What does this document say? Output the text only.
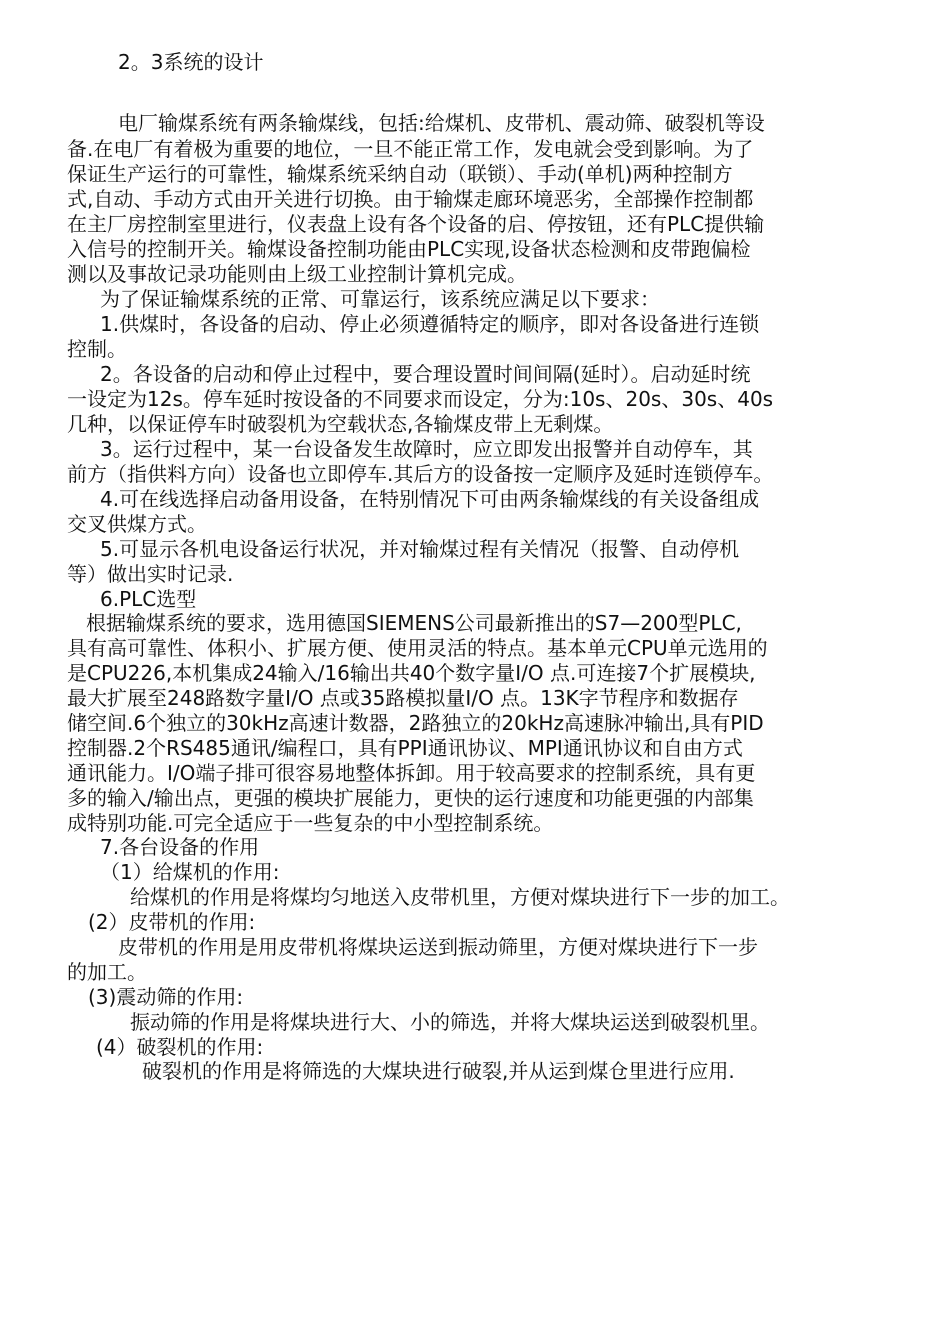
2。3系统的设计
电厂输煤系统有两条输煤线，包括:给煤机、皮带机、震动筛、破裂机等设
备.在电厂有着极为重要的地位，一旦不能正常工作，发电就会受到影响。为了
保证生产运行的可靠性，输煤系统采纳自动（联锁）、手动(单机)两种控制方
式,自动、手动方式由开关进行切换。由于输煤走廊环境恶劣，全部操作控制都
在主厂房控制室里进行，仪表盘上设有各个设备的启、停按钮，还有PLC提供输
入信号的控制开关。输煤设备控制功能由PLC实现,设备状态检测和皮带跑偏检
测以及事故记录功能则由上级工业控制计算机完成。
为了保证输煤系统的正常、可靠运行，该系统应满足以下要求：
1.供煤时，各设备的启动、停止必须遵循特定的顺序，即对各设备进行连锁
控制。
2。各设备的启动和停止过程中，要合理设置时间间隔(延时）。启动延时统
一设定为12s。停车延时按设备的不同要求而设定，分为:10s、20s、30s、40s
几种，以保证停车时破裂机为空载状态,各输煤皮带上无剩煤。
3。运行过程中，某一台设备发生故障时，应立即发出报警并自动停车，其
前方（指供料方向）设备也立即停车.其后方的设备按一定顺序及延时连锁停车。
4.可在线选择启动备用设备，在特别情况下可由两条输煤线的有关设备组成
交叉供煤方式。
5.可显示各机电设备运行状况，并对输煤过程有关情况（报警、自动停机
等）做出实时记录.
6.PLC选型
根据输煤系统的要求，选用德国SIEMENS公司最新推出的S7—200型PLC,
具有高可靠性、体积小、扩展方便、使用灵活的特点。基本单元CPU单元选用的
是CPU226,本机集成24输入/16输出共40个数字量I/O 点.可连接7个扩展模块,
最大扩展至248路数字量I/O 点或35路模拟量I/O 点。13K字节程序和数据存
储空间.6个独立的30kHz高速计数器，2路独立的20kHz高速脉冲输出,具有PID
控制器.2个RS485通讯/编程口，具有PPI通讯协议、MPI通讯协议和自由方式
通讯能力。I/O端子排可很容易地整体拆卸。用于较高要求的控制系统，具有更
多的输入/输出点，更强的模块扩展能力，更快的运行速度和功能更强的内部集
成特别功能.可完全适应于一些复杂的中小型控制系统。
7.各台设备的作用
（1）给煤机的作用:
给煤机的作用是将煤均匀地送入皮带机里，方便对煤块进行下一步的加工。
(2）皮带机的作用:
皮带机的作用是用皮带机将煤块运送到振动筛里，方便对煤块进行下一步
的加工。
(3)震动筛的作用:
振动筛的作用是将煤块进行大、小的筛选，并将大煤块运送到破裂机里。
(4）破裂机的作用:
破裂机的作用是将筛选的大煤块进行破裂,并从运到煤仓里进行应用.
